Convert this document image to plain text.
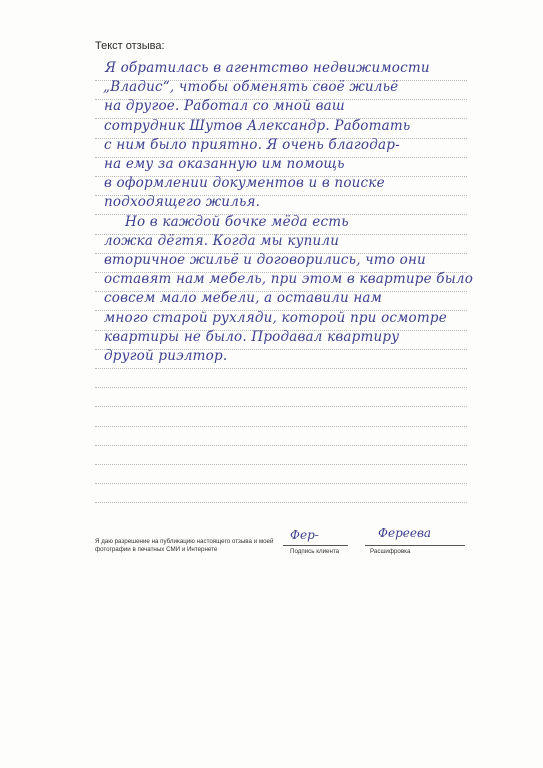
Текст отзыва:
Я обратилась в агентство недвижимости
„Владис“, чтобы обменять своё жильё
на другое. Работал со мной ваш
сотрудник Шутов Александр. Работать
с ним было приятно. Я очень благодар-
на ему за оказанную им помощь
в оформлении документов и в поиске
подходящего жилья.
Но в каждой бочке мёда есть
ложка дёгтя. Когда мы купили
вторичное жильё и договорились, что они
оставят нам мебель, при этом в квартире было
совсем мало мебели, а оставили нам
много старой рухляди, которой при осмотре
квартиры не было. Продавал квартиру
другой риэлтор.
Я даю разрешение на публикацию настоящего отзыва и моей фотографии в печатных СМИ и Интернете
Фер-	Фереева
Подпись клиента	Расшифровка
